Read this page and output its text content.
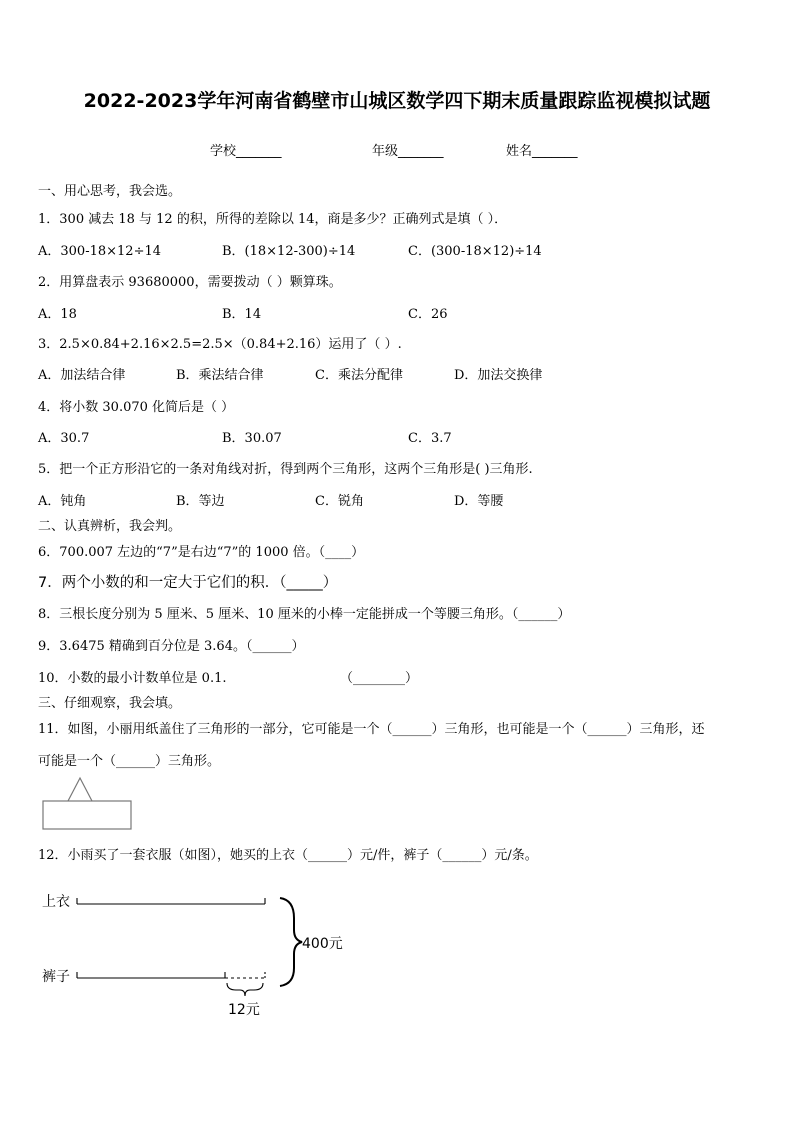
2022-2023学年河南省鹤壁市山城区数学四下期末质量跟踪监视模拟试题
学校_______	年级_______	姓名_______
一、用心思考，我会选。
1．300 减去 18 与 12 的积，所得的差除以 14，商是多少？正确列式是填（ ）．
A．300-18×12÷14	B．(18×12-300)÷14	C．(300-18×12)÷14
2．用算盘表示 93680000，需要拨动（ ）颗算珠。
A．18	B．14	C．26
3．2.5×0.84+2.16×2.5=2.5×（0.84+2.16）运用了（ ）.
A．加法结合律	B．乘法结合律	C．乘法分配律	D．加法交换律
4．将小数 30.070 化简后是（ ）
A．30.7	B．30.07	C．3.7
5．把一个正方形沿它的一条对角线对折，得到两个三角形，这两个三角形是( )三角形.
A．钝角	B．等边	C．锐角	D．等腰
二、认真辨析，我会判。
6．700.007 左边的“7”是右边“7”的 1000 倍。（____）
7．两个小数的和一定大于它们的积．（_____）
8．三根长度分别为 5 厘米、5 厘米、10 厘米的小棒一定能拼成一个等腰三角形。（______）
9．3.6475 精确到百分位是 3.64。（______）
10．小数的最小计数单位是 0.1.	（________）
三、仔细观察，我会填。
11．如图，小丽用纸盖住了三角形的一部分，它可能是一个（______）三角形，也可能是一个（______）三角形，还
可能是一个（______）三角形。
12．小雨买了一套衣服（如图），她买的上衣（______）元/件，裤子（______）元/条。
上衣
裤子
12元
400元
